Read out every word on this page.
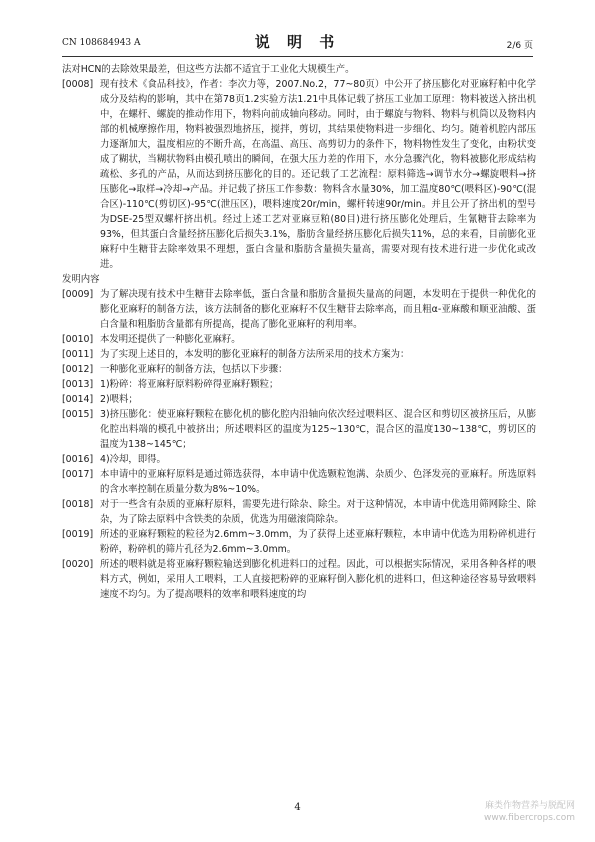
CN 108684943 A	说 明 书	2/6 页

法对HCN的去除效果最差，但这些方法都不适宜于工业化大规模生产。

[0008] 现有技术《食品科技》，作者：李次力等，2007.No.2，77~80页）中公开了挤压膨化对亚麻籽粕中化学成分及结构的影响，其中在第78页1.2实验方法1.21中具体记载了挤压工业加工原理：物料被送入挤出机中，在螺杆、螺旋的推动作用下，物料向前成轴向移动。同时，由于螺旋与物料、物料与机筒以及物料内部的机械摩擦作用，物料被强烈地挤压，搅拌，剪切，其结果使物料进一步细化、均匀。随着机腔内部压力逐渐加大，温度相应的不断升高，在高温、高压、高剪切力的条件下，物料物性发生了变化，由粉状变成了糊状，当糊状物料由模孔喷出的瞬间，在强大压力差的作用下，水分急骤汽化，物料被膨化形成结构疏松、多孔的产品，从而达到挤压膨化的目的。还记载了工艺流程：原料筛选→调节水分→螺旋喂料→挤压膨化→取样→冷却→产品。并记载了挤压工作参数：物料含水量30%，加工温度80℃(喂料区)-90℃(混合区)-110℃(剪切区)-95℃(泄压区)，喂料速度20r/min，螺杆转速90r/min。并且公开了挤出机的型号为DSE-25型双螺杆挤出机。经过上述工艺对亚麻豆粕(80目)进行挤压膨化处理后，生氰糖苷去除率为93%，但其蛋白含量经挤压膨化后损失3.1%，脂肪含量经挤压膨化后损失11%，总的来看，目前膨化亚麻籽中生糖苷去除率效果不理想，蛋白含量和脂肪含量损失量高，需要对现有技术进行进一步优化或改进。

发明内容

[0009] 为了解决现有技术中生糖苷去除率低，蛋白含量和脂肪含量损失量高的问题，本发明在于提供一种优化的膨化亚麻籽的制备方法，该方法制备的膨化亚麻籽不仅生糖苷去除率高，而且粗α-亚麻酸和顺亚油酸、蛋白含量和粗脂肪含量都有所提高，提高了膨化亚麻籽的利用率。
[0010] 本发明还提供了一种膨化亚麻籽。
[0011] 为了实现上述目的，本发明的膨化亚麻籽的制备方法所采用的技术方案为：
[0012] 一种膨化亚麻籽的制备方法，包括以下步骤：
[0013] 1)粉碎：将亚麻籽原料粉碎得亚麻籽颗粒；
[0014] 2)喂料；
[0015] 3)挤压膨化：使亚麻籽颗粒在膨化机的膨化腔内沿轴向依次经过喂料区、混合区和剪切区被挤压后，从膨化腔出料端的模孔中被挤出；所述喂料区的温度为125~130℃，混合区的温度130~138℃，剪切区的温度为138~145℃；
[0016] 4)冷却，即得。
[0017] 本申请中的亚麻籽原料是通过筛选获得，本申请中优选颗粒饱满、杂质少、色泽发亮的亚麻籽。所选原料的含水率控制在质量分数为8%~10%。
[0018] 对于一些含有杂质的亚麻籽原料，需要先进行除杂、除尘。对于这种情况，本申请中优选用筛网除尘、除杂，为了除去原料中含铁类的杂质，优选为用磁滚筒除杂。
[0019] 所述的亚麻籽颗粒的粒径为2.6mm~3.0mm，为了获得上述亚麻籽颗粒，本申请中优选为用粉碎机进行粉碎，粉碎机的筛片孔径为2.6mm~3.0mm。
[0020] 所述的喂料就是将亚麻籽颗粒输送到膨化机进料口的过程。因此，可以根据实际情况，采用各种各样的喂料方式，例如，采用人工喂料，工人直接把粉碎的亚麻籽倒入膨化机的进料口，但这种途径容易导致喂料速度不均匀。为了提高喂料的效率和喂料速度的均
4	麻类作物营养与脱配网
www.fibercrops.com
